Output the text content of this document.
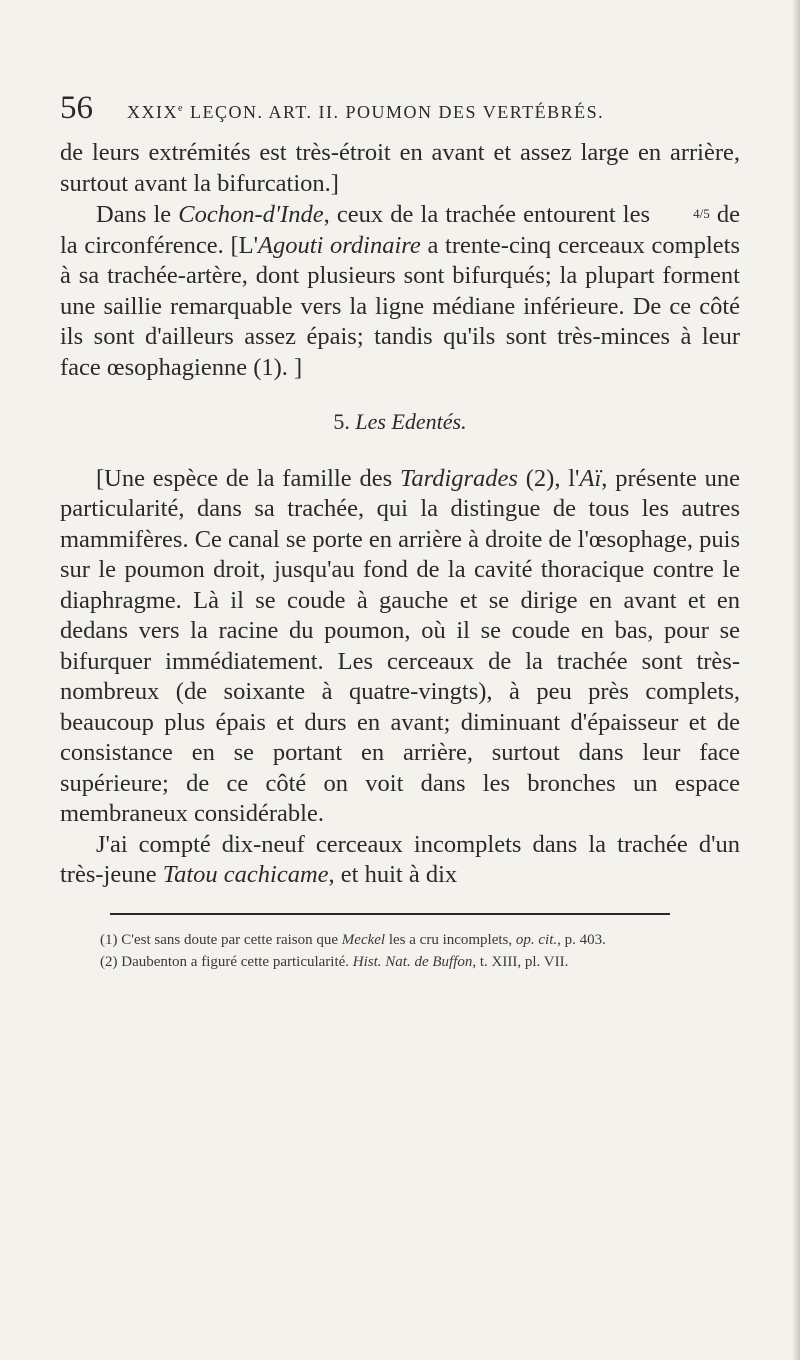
56 XXIXe LEÇON. ART. II. POUMON DES VERTÉBRÉS.

de leurs extrémités est très-étroit en avant et assez large en arrière, surtout avant la bifurcation.]

Dans le Cochon-d'Inde, ceux de la trachée entourent les	4/5 de la circonférence. [L'Agouti ordinaire a trente-cinq cerceaux complets à sa trachée-artère, dont plusieurs sont bifurqués; la plupart forment une saillie remarquable vers la ligne médiane inférieure. De ce côté ils sont d'ailleurs assez épais; tandis qu'ils sont très-minces à leur face œsophagienne (1). ]

5. Les Edentés.

[Une espèce de la famille des Tardigrades (2), l'Aï, présente une particularité, dans sa trachée, qui la distingue de tous les autres mammifères. Ce canal se porte en arrière à droite de l'œsophage, puis sur le poumon droit, jusqu'au fond de la cavité thoracique contre le diaphragme. Là il se coude à gauche et se dirige en avant et en dedans vers la racine du poumon, où il se coude en bas, pour se bifurquer immédiatement. Les cerceaux de la trachée sont très-nombreux (de soixante à quatre-vingts), à peu près complets, beaucoup plus épais et durs en avant; diminuant d'épaisseur et de consistance en se portant en arrière, surtout dans leur face supérieure; de ce côté on voit dans les bronches un espace membraneux considérable.

J'ai compté dix-neuf cerceaux incomplets dans la trachée d'un très-jeune Tatou cachicame, et huit à dix

(1) C'est sans doute par cette raison que Meckel les a cru incomplets, op. cit., p. 403.

(2) Daubenton a figuré cette particularité. Hist. Nat. de Buffon, t. XIII, pl. VII.
